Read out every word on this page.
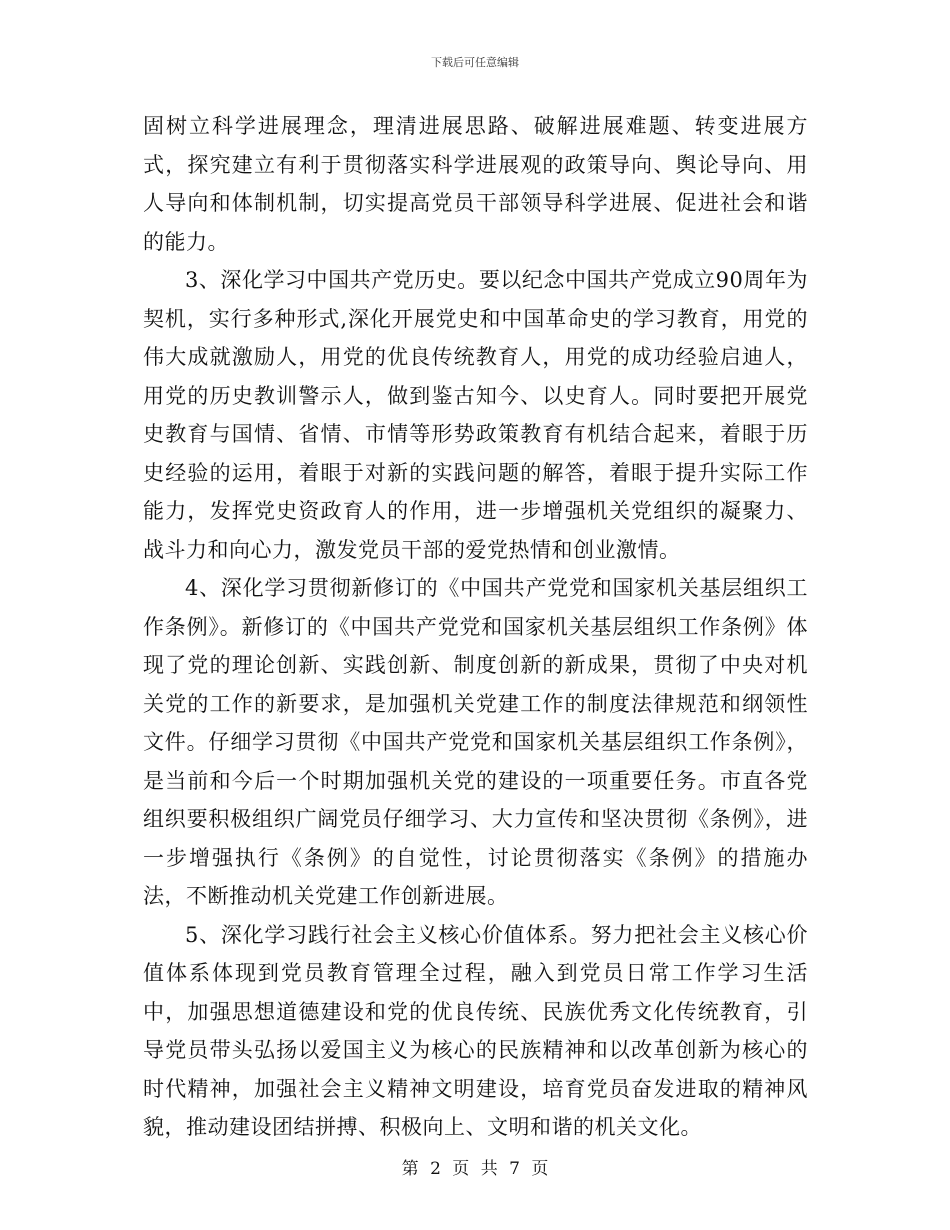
下载后可任意编辑

固树立科学进展理念，理清进展思路、破解进展难题、转变进展方式，探究建立有利于贯彻落实科学进展观的政策导向、舆论导向、用人导向和体制机制，切实提高党员干部领导科学进展、促进社会和谐的能力。

3、深化学习中国共产党历史。要以纪念中国共产党成立90周年为契机，实行多种形式,深化开展党史和中国革命史的学习教育，用党的伟大成就激励人，用党的优良传统教育人，用党的成功经验启迪人，用党的历史教训警示人，做到鉴古知今、以史育人。同时要把开展党史教育与国情、省情、市情等形势政策教育有机结合起来，着眼于历史经验的运用，着眼于对新的实践问题的解答，着眼于提升实际工作能力，发挥党史资政育人的作用，进一步增强机关党组织的凝聚力、战斗力和向心力，激发党员干部的爱党热情和创业激情。

4、深化学习贯彻新修订的《中国共产党党和国家机关基层组织工作条例》。新修订的《中国共产党党和国家机关基层组织工作条例》体现了党的理论创新、实践创新、制度创新的新成果，贯彻了中央对机关党的工作的新要求，是加强机关党建工作的制度法律规范和纲领性文件。仔细学习贯彻《中国共产党党和国家机关基层组织工作条例》，是当前和今后一个时期加强机关党的建设的一项重要任务。市直各党组织要积极组织广阔党员仔细学习、大力宣传和坚决贯彻《条例》，进一步增强执行《条例》的自觉性，讨论贯彻落实《条例》的措施办法，不断推动机关党建工作创新进展。

5、深化学习践行社会主义核心价值体系。努力把社会主义核心价值体系体现到党员教育管理全过程，融入到党员日常工作学习生活中，加强思想道德建设和党的优良传统、民族优秀文化传统教育，引导党员带头弘扬以爱国主义为核心的民族精神和以改革创新为核心的时代精神，加强社会主义精神文明建设，培育党员奋发进取的精神风貌，推动建设团结拼搏、积极向上、文明和谐的机关文化。

第 2 页 共 7 页
